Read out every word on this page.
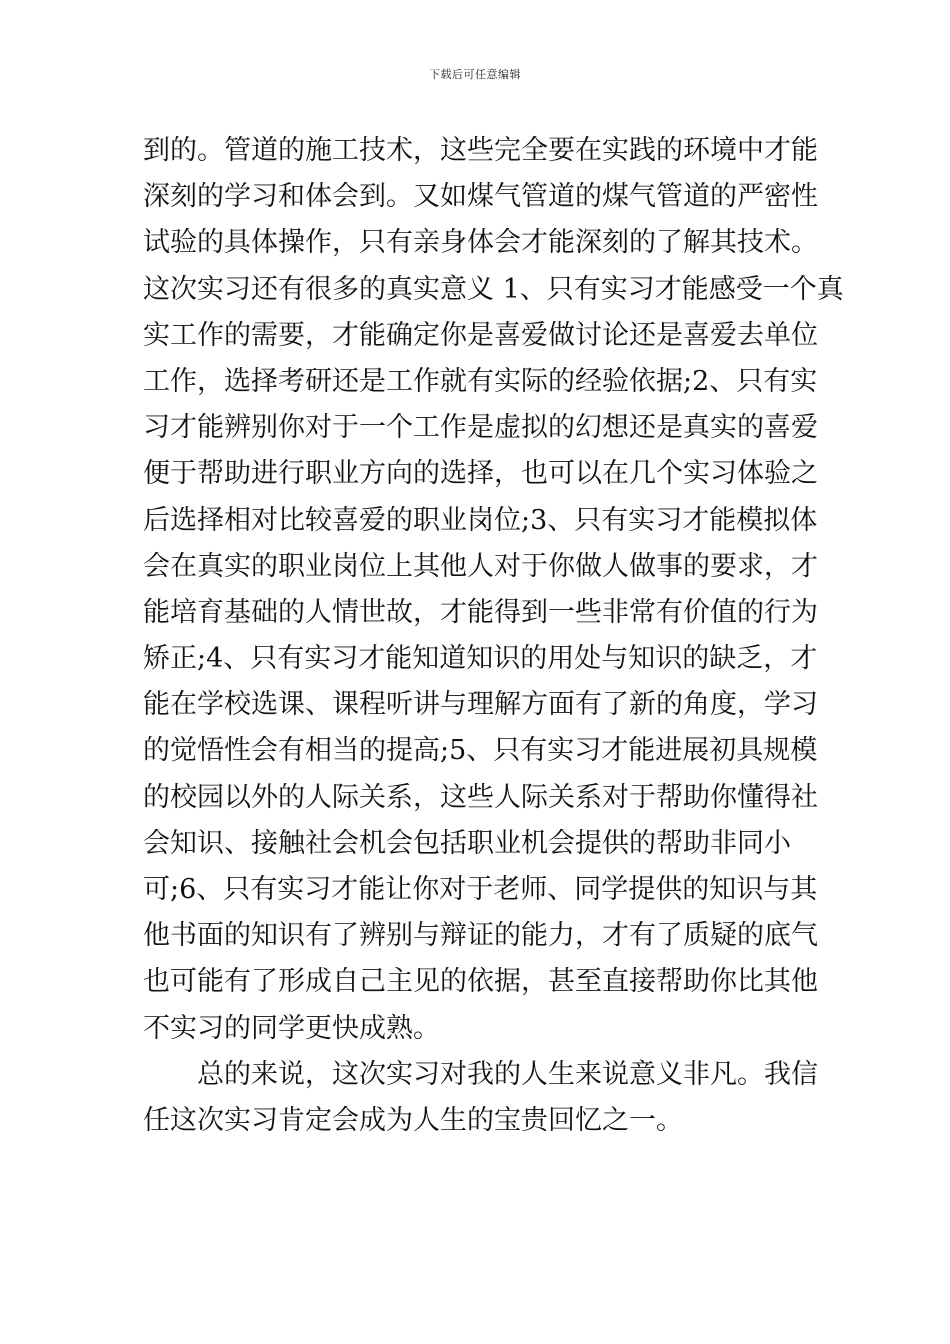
下载后可任意编辑
到的。管道的施工技术，这些完全要在实践的环境中才能
深刻的学习和体会到。又如煤气管道的煤气管道的严密性
试验的具体操作，只有亲身体会才能深刻的了解其技术。
这次实习还有很多的真实意义 1、只有实习才能感受一个真
实工作的需要，才能确定你是喜爱做讨论还是喜爱去单位
工作，选择考研还是工作就有实际的经验依据;2、只有实
习才能辨别你对于一个工作是虚拟的幻想还是真实的喜爱
便于帮助进行职业方向的选择，也可以在几个实习体验之
后选择相对比较喜爱的职业岗位;3、只有实习才能模拟体
会在真实的职业岗位上其他人对于你做人做事的要求，才
能培育基础的人情世故，才能得到一些非常有价值的行为
矫正;4、只有实习才能知道知识的用处与知识的缺乏，才
能在学校选课、课程听讲与理解方面有了新的角度，学习
的觉悟性会有相当的提高;5、只有实习才能进展初具规模
的校园以外的人际关系，这些人际关系对于帮助你懂得社
会知识、接触社会机会包括职业机会提供的帮助非同小
可;6、只有实习才能让你对于老师、同学提供的知识与其
他书面的知识有了辨别与辩证的能力，才有了质疑的底气
也可能有了形成自己主见的依据，甚至直接帮助你比其他
不实习的同学更快成熟。
总的来说，这次实习对我的人生来说意义非凡。我信
任这次实习肯定会成为人生的宝贵回忆之一。
